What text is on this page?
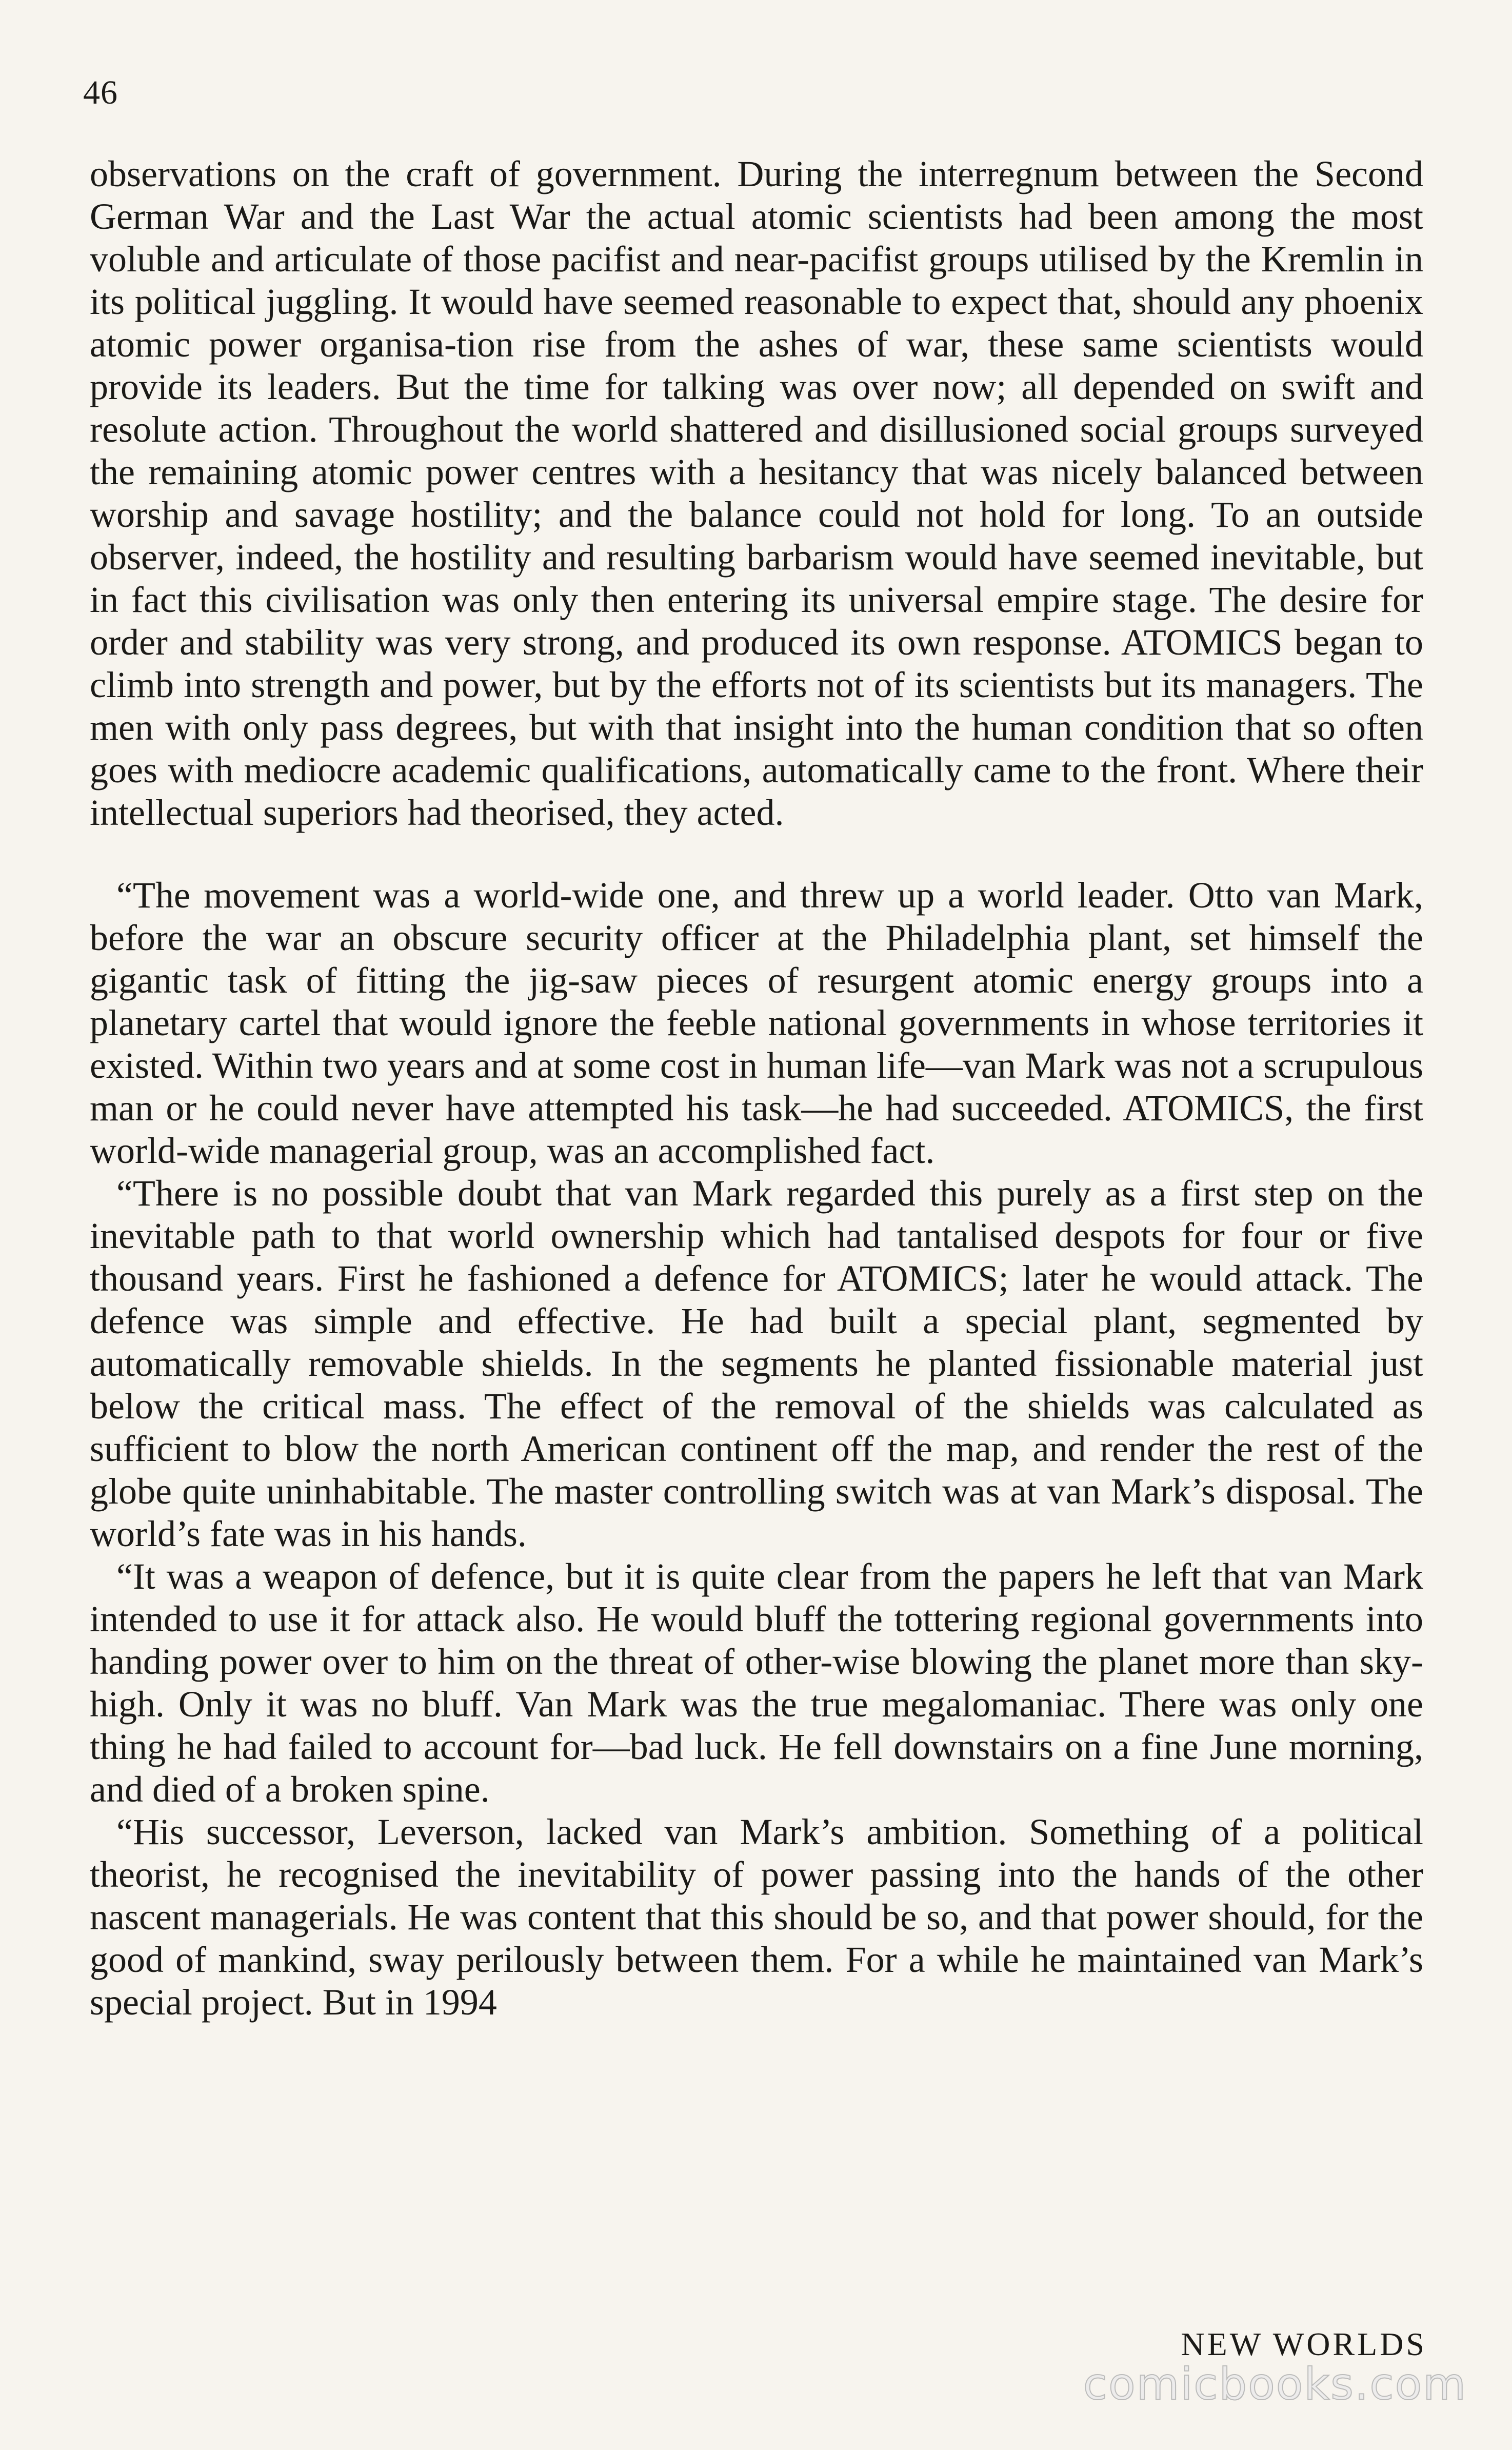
46

observations on the craft of government. During the interregnum between the Second German War and the Last War the actual atomic scientists had been among the most voluble and articulate of those pacifist and near-pacifist groups utilised by the Kremlin in its political juggling. It would have seemed reasonable to expect that, should any phoenix atomic power organisa-tion rise from the ashes of war, these same scientists would provide its leaders. But the time for talking was over now; all depended on swift and resolute action. Throughout the world shattered and disillusioned social groups surveyed the remaining atomic power centres with a hesitancy that was nicely balanced between worship and savage hostility; and the balance could not hold for long. To an outside observer, indeed, the hostility and resulting barbarism would have seemed inevitable, but in fact this civilisation was only then entering its universal empire stage. The desire for order and stability was very strong, and produced its own response. ATOMICS began to climb into strength and power, but by the efforts not of its scientists but its managers. The men with only pass degrees, but with that insight into the human condition that so often goes with mediocre academic qualifications, automatically came to the front. Where their intellectual superiors had theorised, they acted.

“The movement was a world-wide one, and threw up a world leader. Otto van Mark, before the war an obscure security officer at the Philadelphia plant, set himself the gigantic task of fitting the jig-saw pieces of resurgent atomic energy groups into a planetary cartel that would ignore the feeble national governments in whose territories it existed. Within two years and at some cost in human life—van Mark was not a scrupulous man or he could never have attempted his task—he had succeeded. ATOMICS, the first world-wide managerial group, was an accomplished fact.

“There is no possible doubt that van Mark regarded this purely as a first step on the inevitable path to that world ownership which had tantalised despots for four or five thousand years. First he fashioned a defence for ATOMICS; later he would attack. The defence was simple and effective. He had built a special plant, segmented by automatically removable shields. In the segments he planted fissionable material just below the critical mass. The effect of the removal of the shields was calculated as sufficient to blow the north American continent off the map, and render the rest of the globe quite uninhabitable. The master controlling switch was at van Mark’s disposal. The world’s fate was in his hands.

“It was a weapon of defence, but it is quite clear from the papers he left that van Mark intended to use it for attack also. He would bluff the tottering regional governments into handing power over to him on the threat of other-wise blowing the planet more than sky-high. Only it was no bluff. Van Mark was the true megalomaniac. There was only one thing he had failed to account for—bad luck. He fell downstairs on a fine June morning, and died of a broken spine.

“His successor, Leverson, lacked van Mark’s ambition. Something of a political theorist, he recognised the inevitability of power passing into the hands of the other nascent managerials. He was content that this should be so, and that power should, for the good of mankind, sway perilously between them. For a while he maintained van Mark’s special project. But in 1994

NEW WORLDS
comicbooks.com
